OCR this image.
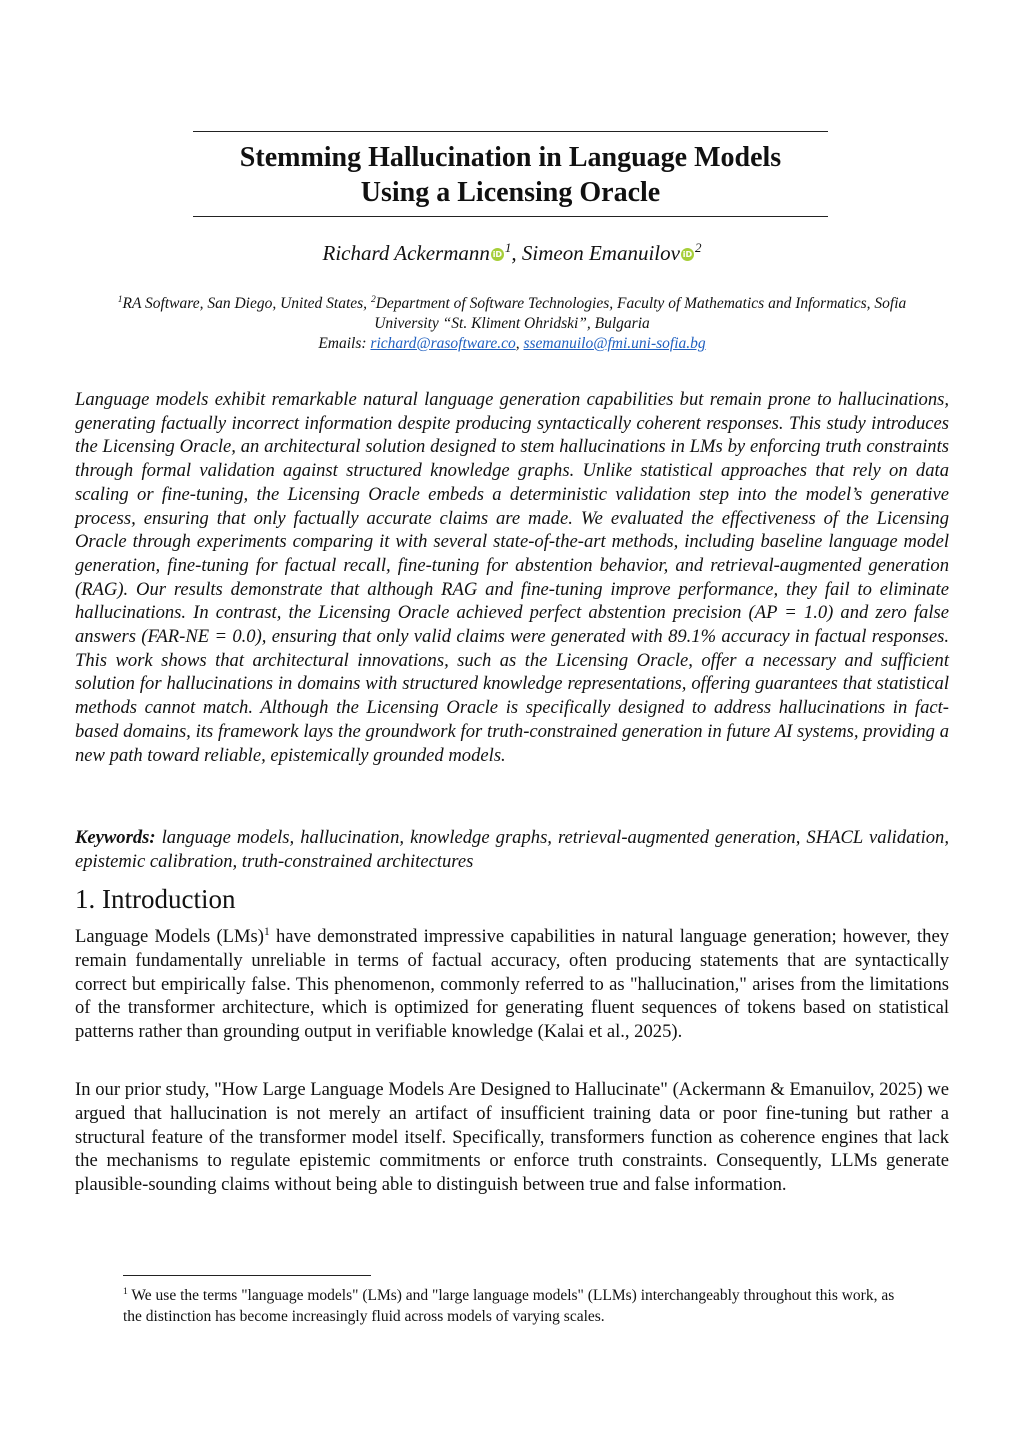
Stemming Hallucination in Language Models
Using a Licensing Oracle
Richard Ackermann iD $^1$, Simeon Emanuilov iD $^2$
$^1$RA Software, San Diego, United States, $^2$Department of Software Technologies, Faculty of Mathematics and Informatics, Sofia University “St. Kliment Ohridski”, Bulgaria
Emails: richard@rasoftware.co, ssemanuilo@fmi.uni-sofia.bg

Language models exhibit remarkable natural language generation capabilities but remain prone to hallucinations, generating factually incorrect information despite producing syntactically coherent responses. This study introduces the Licensing Oracle, an architectural solution designed to stem hallucinations in LMs by enforcing truth constraints through formal validation against structured knowledge graphs. Unlike statistical approaches that rely on data scaling or fine-tuning, the Licensing Oracle embeds a deterministic validation step into the model’s generative process, ensuring that only factually accurate claims are made. We evaluated the effectiveness of the Licensing Oracle through experiments comparing it with several state-of-the-art methods, including baseline language model generation, fine-tuning for factual recall, fine-tuning for abstention behavior, and retrieval-augmented generation (RAG). Our results demonstrate that although RAG and fine-tuning improve performance, they fail to eliminate hallucinations. In contrast, the Licensing Oracle achieved perfect abstention precision (AP = 1.0) and zero false answers (FAR-NE = 0.0), ensuring that only valid claims were generated with 89.1% accuracy in factual responses. This work shows that architectural innovations, such as the Licensing Oracle, offer a necessary and sufficient solution for hallucinations in domains with structured knowledge representations, offering guarantees that statistical methods cannot match. Although the Licensing Oracle is specifically designed to address hallucinations in fact-based domains, its framework lays the groundwork for truth-constrained generation in future AI systems, providing a new path toward reliable, epistemically grounded models.

Keywords: language models, hallucination, knowledge graphs, retrieval-augmented generation, SHACL validation, epistemic calibration, truth-constrained architectures

1. Introduction

Language Models (LMs)$^1$ have demonstrated impressive capabilities in natural language generation; however, they remain fundamentally unreliable in terms of factual accuracy, often producing statements that are syntactically correct but empirically false. This phenomenon, commonly referred to as "hallucination," arises from the limitations of the transformer architecture, which is optimized for generating fluent sequences of tokens based on statistical patterns rather than grounding output in verifiable knowledge (Kalai et al., 2025).

In our prior study, "How Large Language Models Are Designed to Hallucinate" (Ackermann & Emanuilov, 2025) we argued that hallucination is not merely an artifact of insufficient training data or poor fine-tuning but rather a structural feature of the transformer model itself. Specifically, transformers function as coherence engines that lack the mechanisms to regulate epistemic commitments or enforce truth constraints. Consequently, LLMs generate plausible-sounding claims without being able to distinguish between true and false information.

$^1$ We use the terms "language models" (LMs) and "large language models" (LLMs) interchangeably throughout this work, as the distinction has become increasingly fluid across models of varying scales.
